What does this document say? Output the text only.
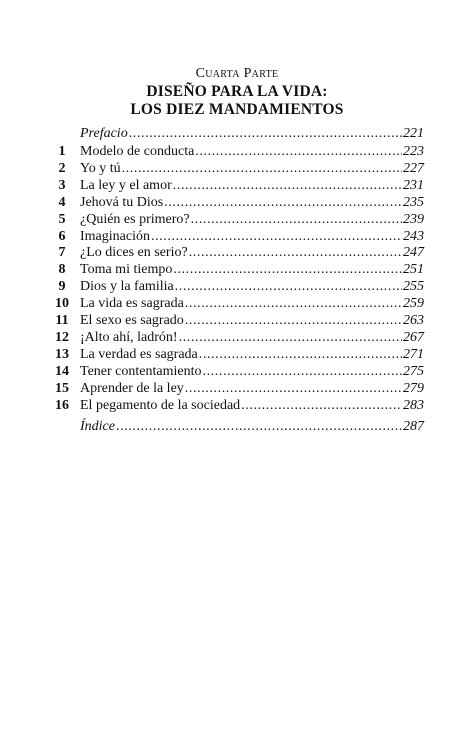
Cuarta Parte
DISEÑO PARA LA VIDA:
LOS DIEZ MANDAMIENTOS
Prefacio .....	221
1	Modelo de conducta .....	223
2	Yo y tú .....	227
3	La ley y el amor .....	231
4	Jehová tu Dios .....	235
5	¿Quién es primero? .....	239
6	Imaginación .....	243
7	¿Lo dices en serio? .....	247
8	Toma mi tiempo .....	251
9	Dios y la familia .....	255
10 La vida es sagrada .....	259
11 El sexo es sagrado .....	263
12 ¡Alto ahí, ladrón! .....	267
13 La verdad es sagrada .....	271
14 Tener contentamiento .....	275
15 Aprender de la ley .....	279
16 El pegamento de la sociedad .....	283
Índice .....	287
